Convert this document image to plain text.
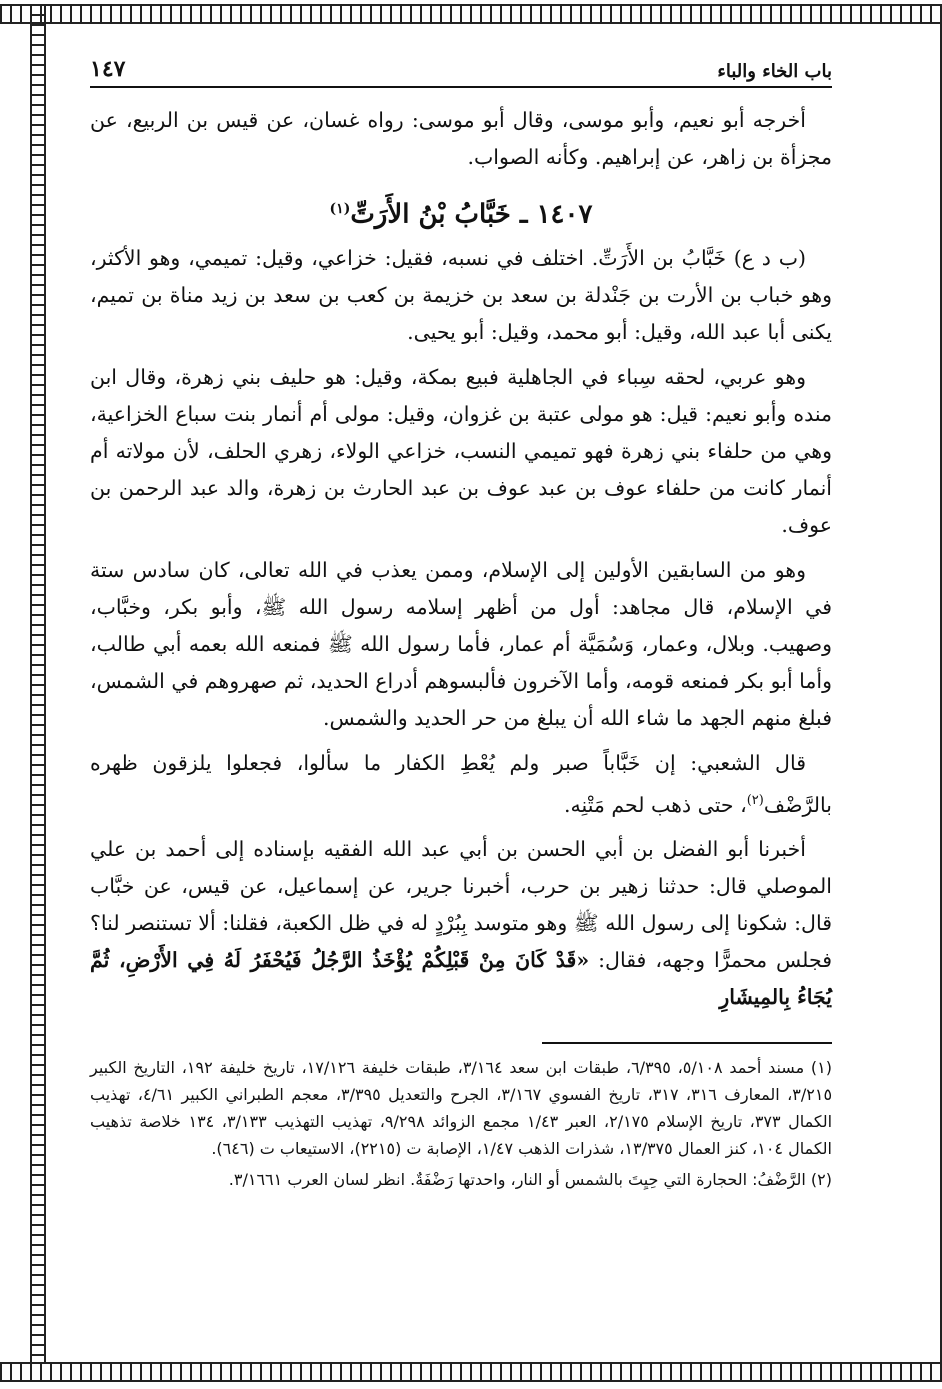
باب الخاء والباء
١٤٧

أخرجه أبو نعيم، وأبو موسى، وقال أبو موسى: رواه غسان، عن قيس بن الربيع، عن مجزأة بن زاهر، عن إبراهيم. وكأنه الصواب.

١٤٠٧ ـ خَبَّابُ بْنُ الأَرَتِّ$^{(١)}$

(ب د ع) خَبَّابُ بن الأَرَتِّ. اختلف في نسبه، فقيل: خزاعي، وقيل: تميمي، وهو الأكثر، وهو خباب بن الأرت بن جَنْدلة بن سعد بن خزيمة بن كعب بن سعد بن زيد مناة بن تميم، يكنى أبا عبد الله، وقيل: أبو محمد، وقيل: أبو يحيى.

وهو عربي، لحقه سِباء في الجاهلية فبيع بمكة، وقيل: هو حليف بني زهرة، وقال ابن منده وأبو نعيم: قيل: هو مولى عتبة بن غزوان، وقيل: مولى أم أنمار بنت سباع الخزاعية، وهي من حلفاء بني زهرة فهو تميمي النسب، خزاعي الولاء، زهري الحلف، لأن مولاته أم أنمار كانت من حلفاء عوف بن عبد عوف بن عبد الحارث بن زهرة، والد عبد الرحمن بن عوف.

وهو من السابقين الأولين إلى الإسلام، وممن يعذب في الله تعالى، كان سادس ستة في الإسلام، قال مجاهد: أول من أظهر إسلامه رسول الله ﷺ، وأبو بكر، وخبَّاب، وصهيب. وبلال، وعمار، وَسُمَيَّة أم عمار، فأما رسول الله ﷺ فمنعه الله بعمه أبي طالب، وأما أبو بكر فمنعه قومه، وأما الآخرون فألبسوهم أدراع الحديد، ثم صهروهم في الشمس، فبلغ منهم الجهد ما شاء الله أن يبلغ من حر الحديد والشمس.

قال الشعبي: إن خَبَّاباً صبر ولم يُعْطِ الكفار ما سألوا، فجعلوا يلزقون ظهره بالرَّضْف$^{(٢)}$، حتى ذهب لحم مَتْنِه.

أخبرنا أبو الفضل بن أبي الحسن بن أبي عبد الله الفقيه بإسناده إلى أحمد بن علي الموصلي قال: حدثنا زهير بن حرب، أخبرنا جرير، عن إسماعيل، عن قيس، عن خبَّاب قال: شكونا إلى رسول الله ﷺ وهو متوسد بِبُرْدٍ له في ظل الكعبة، فقلنا: ألا تستنصر لنا؟ فجلس محمرًّا وجهه، فقال: «قَدْ كَانَ مِنْ قَبْلِكُمْ يُؤْخَذُ الرَّجُلُ فَيُحْفَرُ لَهُ فِي الأَرْضِ، ثُمَّ يُجَاءُ بِالمِيشَارِ

(١) مسند أحمد ٥/١٠٨، ٦/٣٩٥، طبقات ابن سعد ٣/١٦٤، طبقات خليفة ١٧/١٢٦، تاريخ خليفة ١٩٢، التاريخ الكبير ٣/٢١٥، المعارف ٣١٦، ٣١٧، تاريخ الفسوي ٣/١٦٧، الجرح والتعديل ٣/٣٩٥، معجم الطبراني الكبير ٤/٦١، تهذيب الكمال ٣٧٣، تاريخ الإسلام ٢/١٧٥، العبر ١/٤٣ مجمع الزوائد ٩/٢٩٨، تهذيب التهذيب ٣/١٣٣، ١٣٤ خلاصة تذهيب الكمال ١٠٤، كنز العمال ١٣/٣٧٥، شذرات الذهب ١/٤٧، الإصابة ت (٢٢١٥)، الاستيعاب ت (٦٤٦).

(٢) الرَّضْفُ: الحجارة التي حِيِتَ بالشمس أو النار، واحدتها رَضْفَةٌ. انظر لسان العرب ٣/١٦٦١.
